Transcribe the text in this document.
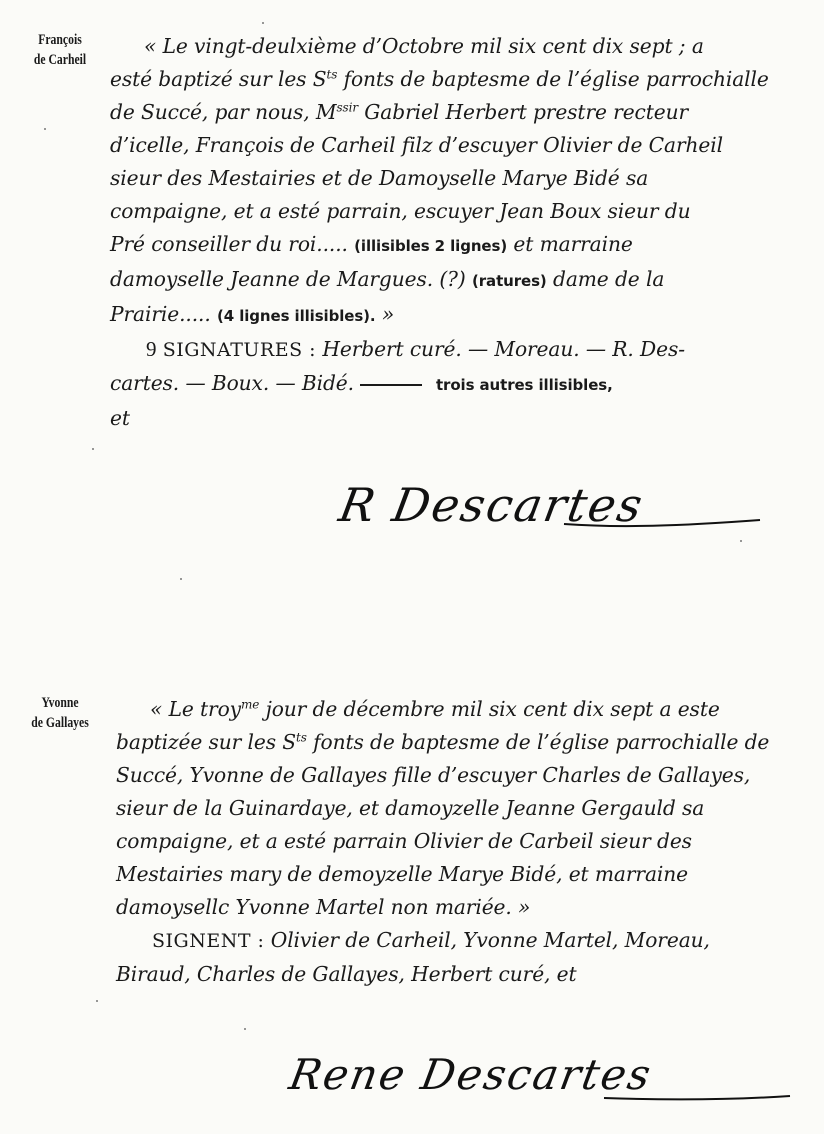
François
de Carheil
« Le vingt-deulxième d’Octobre mil six cent dix sept ; a
esté baptizé sur les $S^{ts}$ fonts de baptesme de l’église parrochialle
de Succé, par nous, $M^{ssir}$ Gabriel Herbert prestre recteur
d’icelle, François de Carheil filz d’escuyer Olivier de Carheil
sieur des Mestairies et de Damoyselle Marye Bidé sa
compaigne, et a esté parrain, escuyer Jean Boux sieur du
Pré conseiller du roi..... (illisibles 2 lignes) et marraine
damoyselle Jeanne de Margues. (?) (ratures) dame de la
Prairie..... (4 lignes illisibles). »
9 SIGNATURES : Herbert curé. — Moreau. — R. Des-
cartes. — Boux. — Bidé.	trois autres illisibles,
et
R Descartes
Yvonne
de Gallayes
« Le troy$^{me}$ jour de décembre mil six cent dix sept a este
baptizée sur les $S^{ts}$ fonts de baptesme de l’église parrochialle de
Succé, Yvonne de Gallayes fille d’escuyer Charles de Gallayes,
sieur de la Guinardaye, et damoyzelle Jeanne Gergauld sa
compaigne, et a esté parrain Olivier de Carbeil sieur des
Mestairies mary de demoyzelle Marye Bidé, et marraine
damoysellc Yvonne Martel non mariée. »
SIGNENT : Olivier de Carheil, Yvonne Martel, Moreau,
Biraud, Charles de Gallayes, Herbert curé, et
Rene Descartes
